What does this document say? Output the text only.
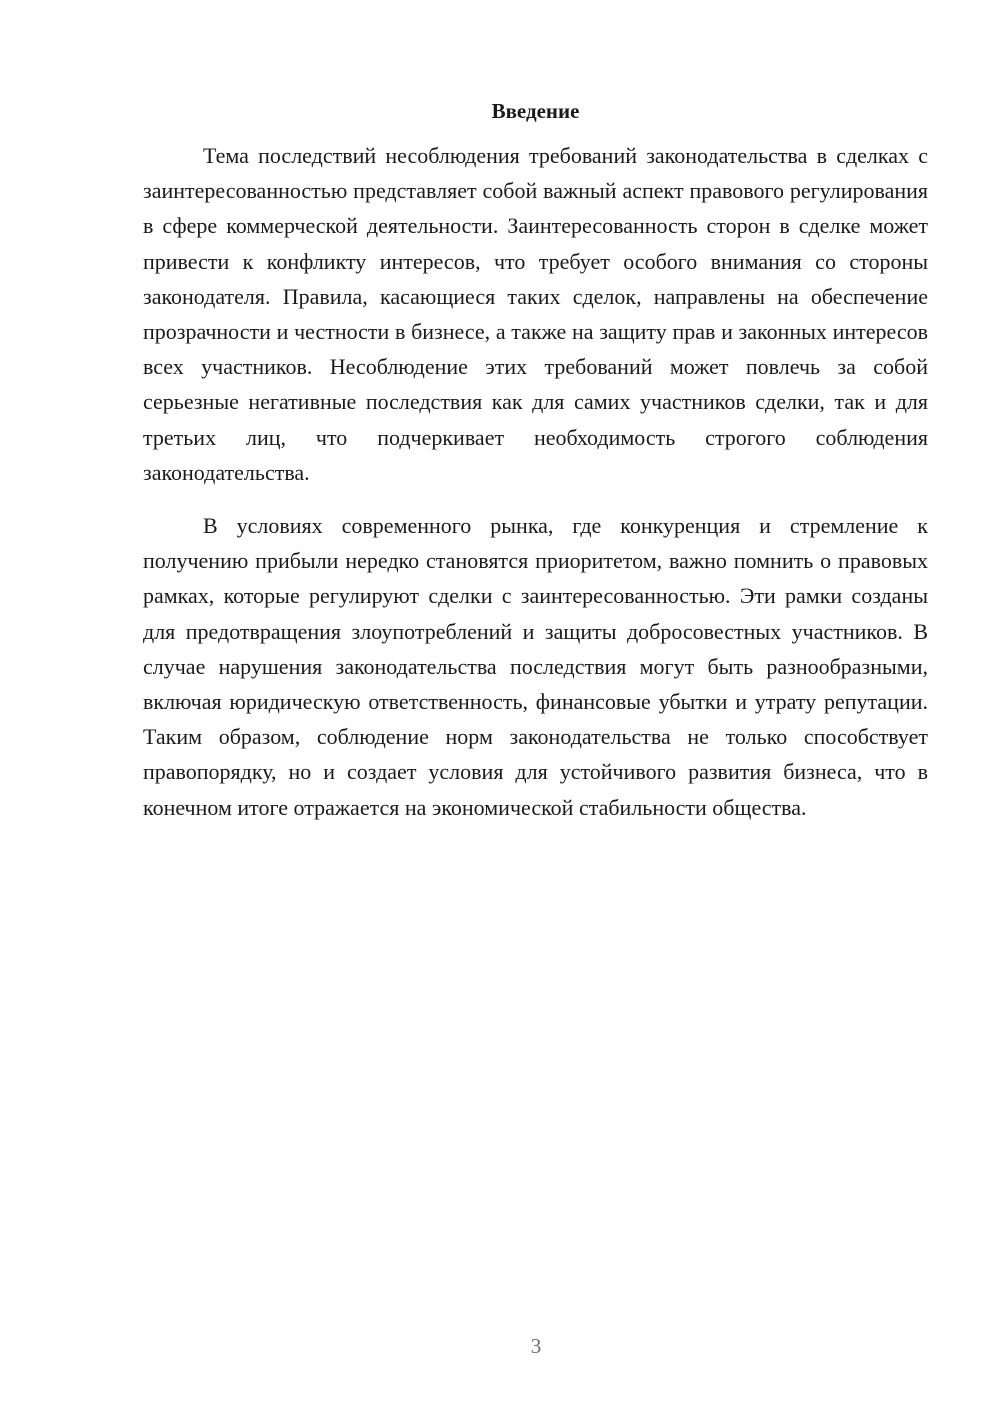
Введение

Тема последствий несоблюдения требований законодательства в сделках с заинтересованностью представляет собой важный аспект правового регулирования в сфере коммерческой деятельности. Заинтересованность сторон в сделке может привести к конфликту интересов, что требует особого внимания со стороны законодателя. Правила, касающиеся таких сделок, направлены на обеспечение прозрачности и честности в бизнесе, а также на защиту прав и законных интересов всех участников. Несоблюдение этих требований может повлечь за собой серьезные негативные последствия как для самих участников сделки, так и для третьих лиц, что подчеркивает необходимость строгого соблюдения законодательства.

В условиях современного рынка, где конкуренция и стремление к получению прибыли нередко становятся приоритетом, важно помнить о правовых рамках, которые регулируют сделки с заинтересованностью. Эти рамки созданы для предотвращения злоупотреблений и защиты добросовестных участников. В случае нарушения законодательства последствия могут быть разнообразными, включая юридическую ответственность, финансовые убытки и утрату репутации. Таким образом, соблюдение норм законодательства не только способствует правопорядку, но и создает условия для устойчивого развития бизнеса, что в конечном итоге отражается на экономической стабильности общества.

3
